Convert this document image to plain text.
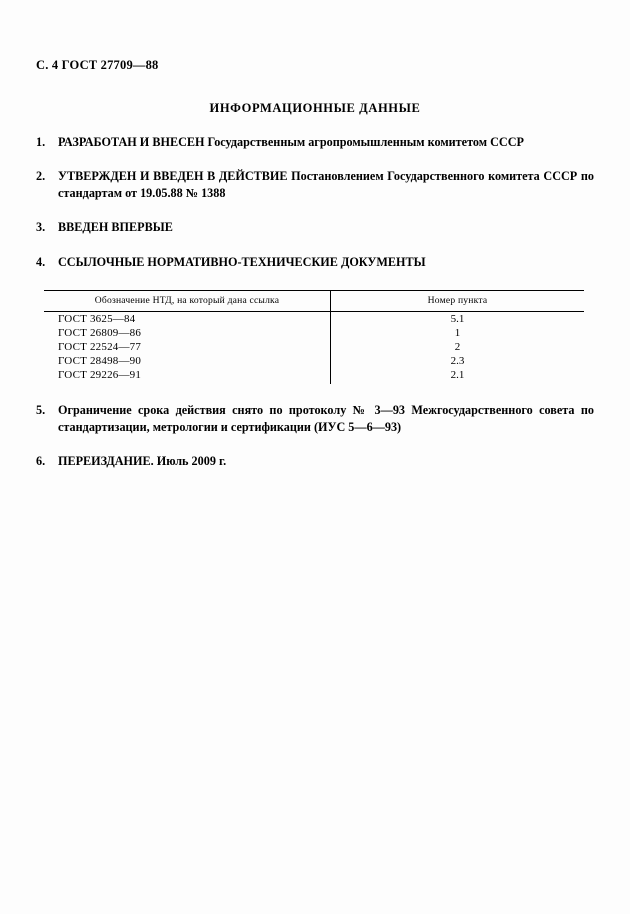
С. 4 ГОСТ 27709—88
ИНФОРМАЦИОННЫЕ ДАННЫЕ
1.	РАЗРАБОТАН И ВНЕСЕН Государственным агропромышленным комитетом СССР
2.	УТВЕРЖДЕН И ВВЕДЕН В ДЕЙСТВИЕ Постановлением Государственного комитета СССР по стандартам от 19.05.88 № 1388
3.	ВВЕДЕН ВПЕРВЫЕ
4.	ССЫЛОЧНЫЕ НОРМАТИВНО-ТЕХНИЧЕСКИЕ ДОКУМЕНТЫ
Обозначение НТД, на который дана ссылка	Номер пункта
ГОСТ 3625—84	5.1
ГОСТ 26809—86	1
ГОСТ 22524—77	2
ГОСТ 28498—90	2.3
ГОСТ 29226—91	2.1
5.	Ограничение срока действия снято по протоколу № 3—93 Межгосударственного совета по стандартизации, метрологии и сертификации (ИУС 5—6—93)
6.	ПЕРЕИЗДАНИЕ. Июль 2009 г.
